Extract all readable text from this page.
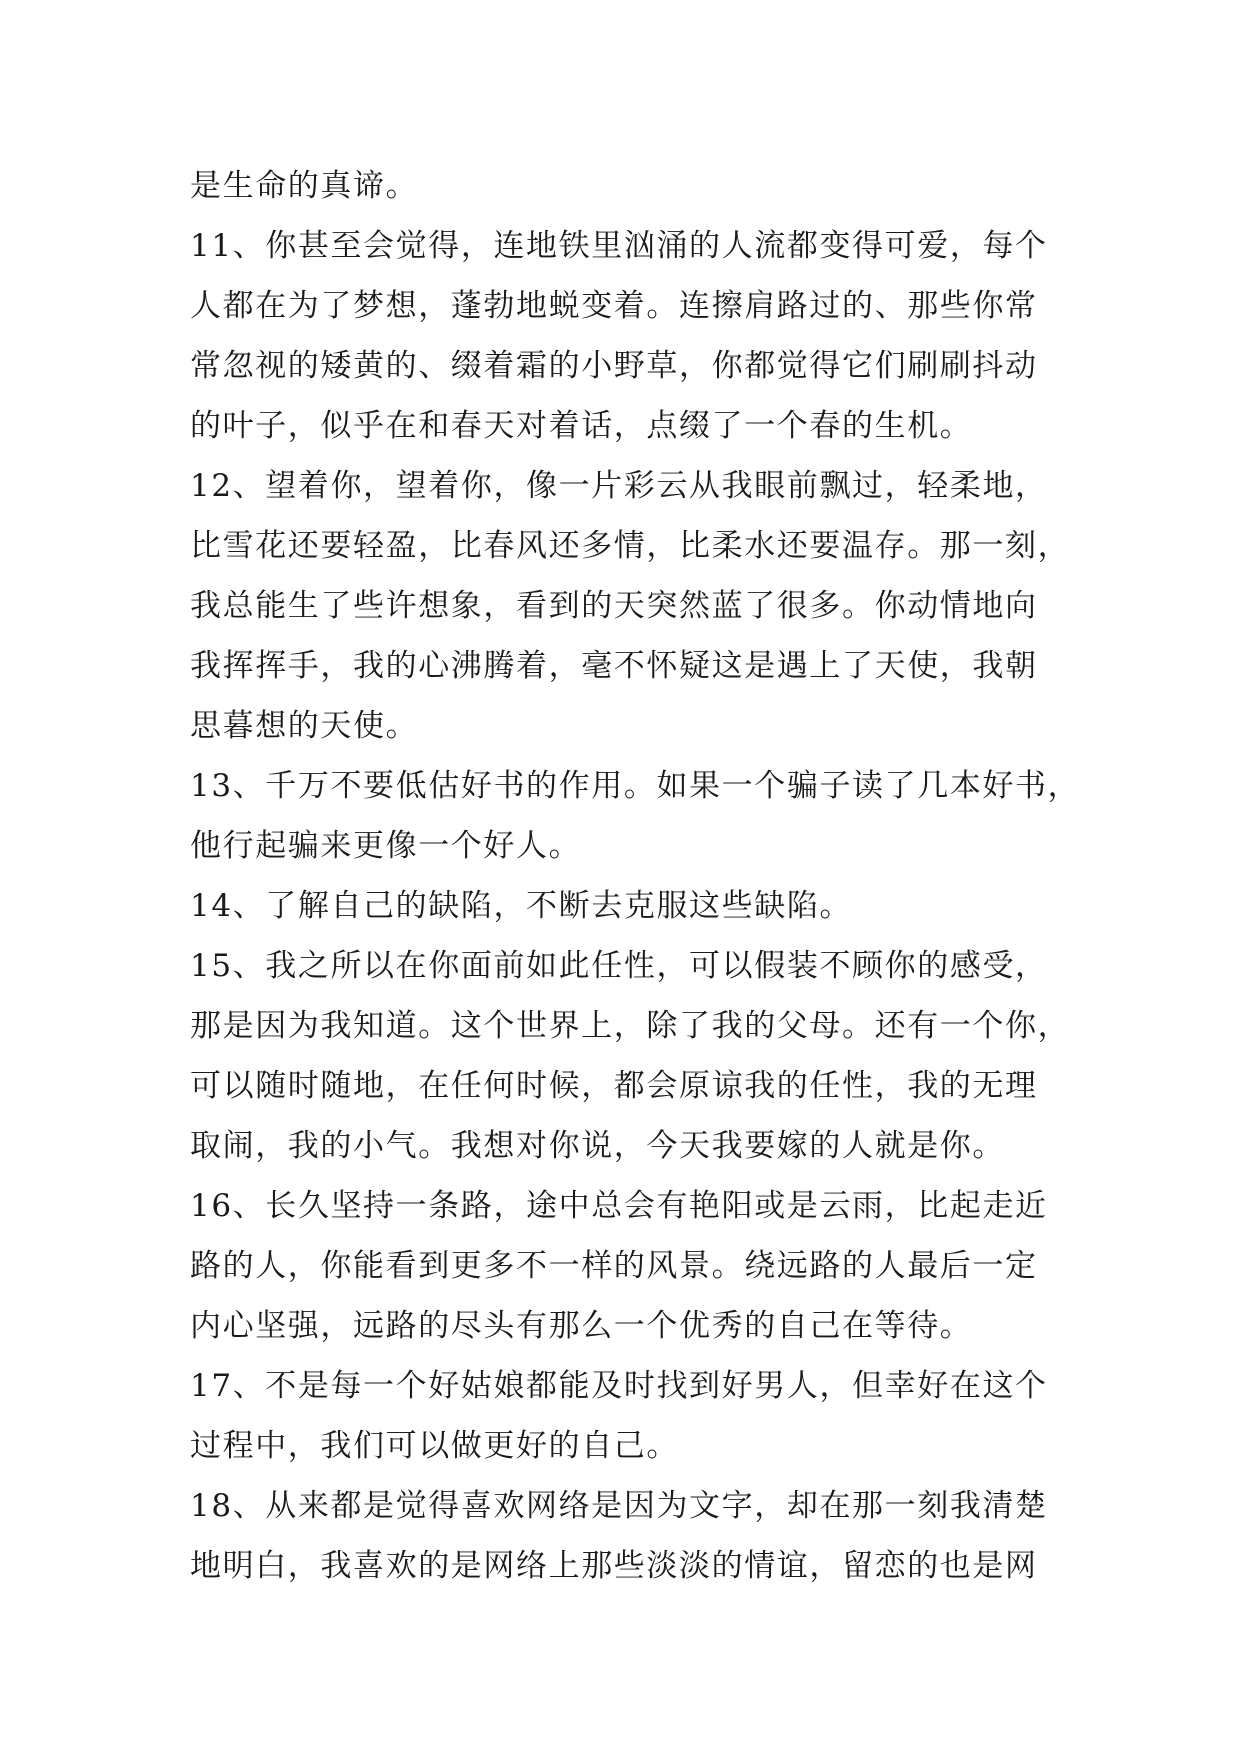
是生命的真谛。
11、你甚至会觉得，连地铁里汹涌的人流都变得可爱，每个
人都在为了梦想，蓬勃地蜕变着。连擦肩路过的、那些你常
常忽视的矮黄的、缀着霜的小野草，你都觉得它们刷刷抖动
的叶子，似乎在和春天对着话，点缀了一个春的生机。
12、望着你，望着你，像一片彩云从我眼前飘过，轻柔地，
比雪花还要轻盈，比春风还多情，比柔水还要温存。那一刻，
我总能生了些许想象，看到的天突然蓝了很多。你动情地向
我挥挥手，我的心沸腾着，毫不怀疑这是遇上了天使，我朝
思暮想的天使。
13、千万不要低估好书的作用。如果一个骗子读了几本好书，
他行起骗来更像一个好人。
14、了解自己的缺陷，不断去克服这些缺陷。
15、我之所以在你面前如此任性，可以假装不顾你的感受，
那是因为我知道。这个世界上，除了我的父母。还有一个你，
可以随时随地，在任何时候，都会原谅我的任性，我的无理
取闹，我的小气。我想对你说，今天我要嫁的人就是你。
16、长久坚持一条路，途中总会有艳阳或是云雨，比起走近
路的人，你能看到更多不一样的风景。绕远路的人最后一定
内心坚强，远路的尽头有那么一个优秀的自己在等待。
17、不是每一个好姑娘都能及时找到好男人，但幸好在这个
过程中，我们可以做更好的自己。
18、从来都是觉得喜欢网络是因为文字，却在那一刻我清楚
地明白，我喜欢的是网络上那些淡淡的情谊，留恋的也是网
